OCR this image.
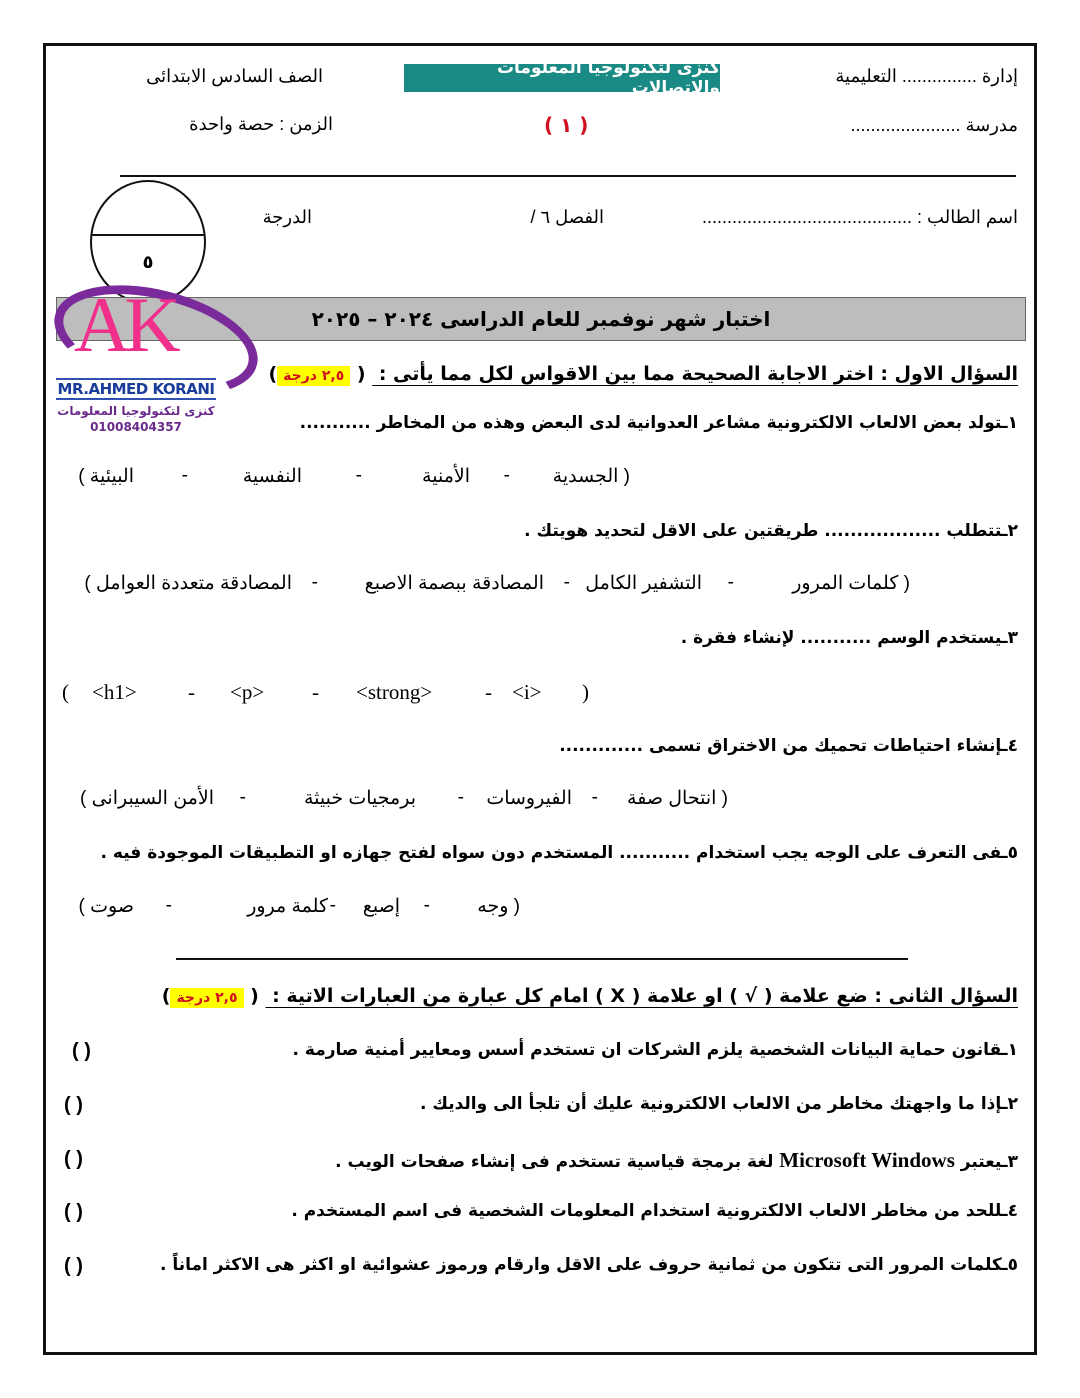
إدارة ............... التعليمية
كنزى لتكنولوجيا المعلومات والاتصالات
الصف السادس الابتدائى
مدرسة ......................
( ١ )
الزمن : حصة واحدة
اسم الطالب : ..........................................
الفصل ٦ /
الدرجة
٥
اختبار شهر نوفمبر للعام الدراسى ٢٠٢٤ – ٢٠٢٥
AK
MR.AHMED KORANI
كنزى لتكنولوجيا المعلومات
01008404357
السؤال الاول : اختر الاجابة الصحيحة مما بين الاقواس لكل مما يأتى :  ( ٢,٥ درجة)
١ـتولد بعض الالعاب الالكترونية مشاعر العدوانية لدى البعض وهذه من المخاطر ...........
( الجسدية
-
الأمنية
-
النفسية
-
البيئية )
٢ـتتطلب .................. طريقتين على الاقل لتحديد هويتك .
( كلمات المرور
-
التشفير الكامل
-
المصادقة ببصمة الاصبع
-
المصادقة متعددة العوامل )
٣ـيستخدم الوسم ........... لإنشاء فقرة .
( <h1> - <p> - <strong>	- <i> )
٤ـإنشاء احتياطات تحميك من الاختراق تسمى .............
( انتحال صفة
-
الفيروسات
-
برمجيات خبيثة
-
الأمن السيبرانى )
٥ـفى التعرف على الوجه يجب استخدام ........... المستخدم دون سواه لفتح جهازه او التطبيقات الموجودة فيه .
( وجه
-
إصبع
-
كلمة مرور
-
صوت )
السؤال الثانى : ضع علامة ( √ ) او علامة ( X ) امام كل عبارة من العبارات الاتية :  ( ٢,٥ درجة)
١ـقانون حماية البيانات الشخصية يلزم الشركات ان تستخدم أسس ومعايير أمنية صارمة .
( )
٢ـإذا ما واجهتك مخاطر من الالعاب الالكترونية عليك أن تلجأ الى والديك .
( )
٣ـيعتبر Microsoft Windows لغة برمجة قياسية تستخدم فى إنشاء صفحات الويب .
( )
٤ـللحد من مخاطر الالعاب الالكترونية استخدام المعلومات الشخصية فى اسم المستخدم .
( )
٥ـكلمات المرور التى تتكون من ثمانية حروف على الاقل وارقام ورموز عشوائية او اكثر هى الاكثر اماناً .
( )
